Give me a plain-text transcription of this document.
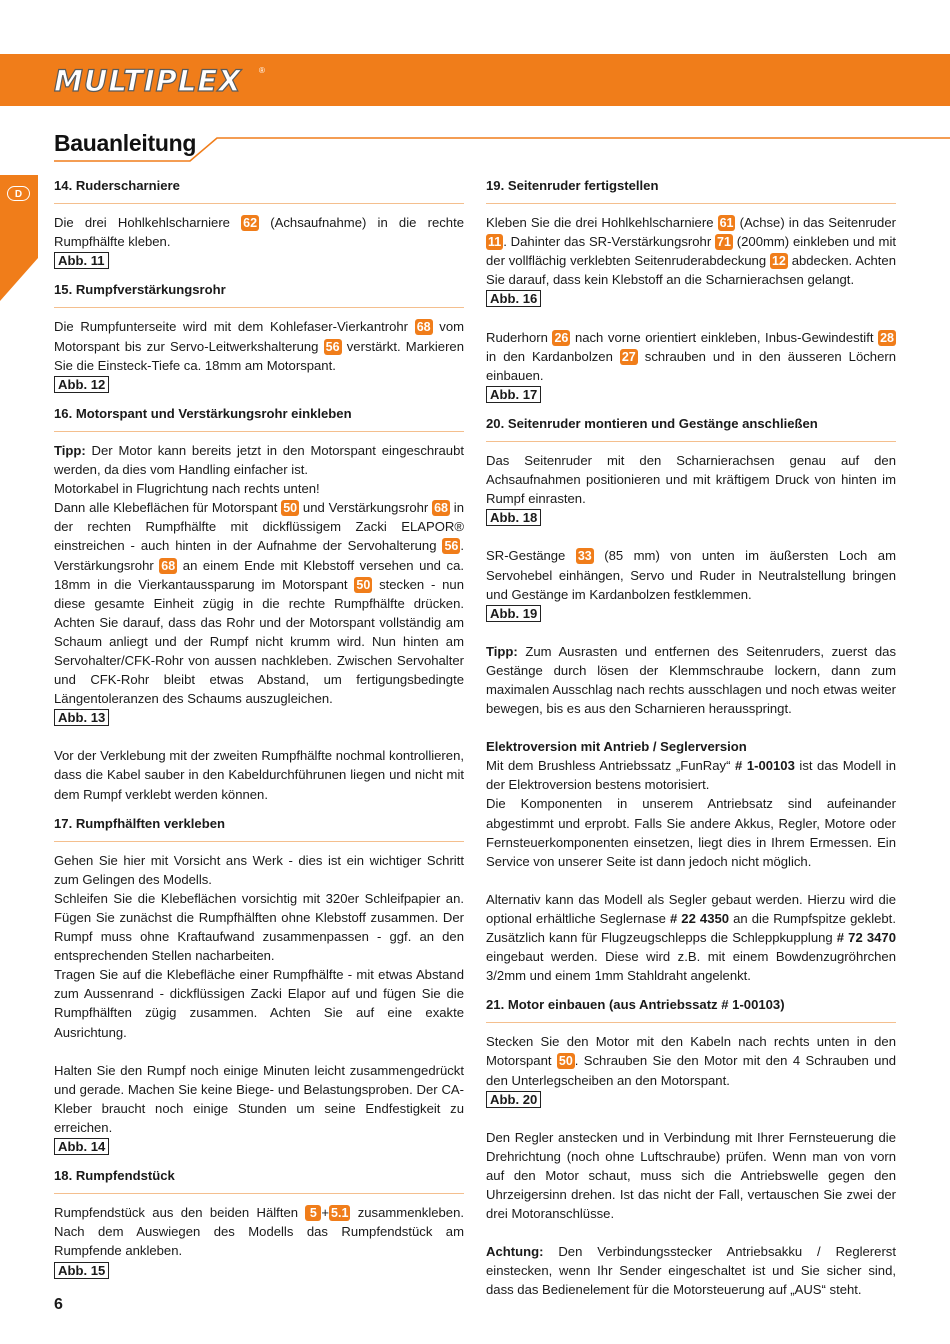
MULTIPLEX ®
D
Bauanleitung
14. Ruderscharniere

Die drei Hohlkehlscharniere 62 (Achsaufnahme) in die rechte Rumpfhälfte kleben.

Abb. 11
15. Rumpfverstärkungsrohr

Die Rumpfunterseite wird mit dem Kohlefaser-Vierkantrohr 68 vom Motorspant bis zur Servo-Leitwerkshalterung 56 verstärkt. Markieren Sie die Einsteck-Tiefe ca. 18mm am Motorspant.

Abb. 12
16. Motorspant und Verstärkungsrohr einkleben

Tipp: Der Motor kann bereits jetzt in den Motorspant eingeschraubt werden, da dies vom Handling einfacher ist.

Motorkabel in Flugrichtung nach rechts unten!

Dann alle Klebeflächen für Motorspant 50 und Verstärkungsrohr 68 in der rechten Rumpfhälfte mit dickflüssigem Zacki ELAPOR® einstreichen - auch hinten in der Aufnahme der Servohalterung 56 . Verstärkungsrohr 68 an einem Ende mit Klebstoff versehen und ca. 18mm in die Vierkantaussparung im Motorspant 50 stecken - nun diese gesamte Einheit zügig in die rechte Rumpfhälfte drücken. Achten Sie darauf, dass das Rohr und der Motorspant vollständig am Schaum anliegt und der Rumpf nicht krumm wird. Nun hinten am Servohalter/CFK-Rohr von aussen nachkleben. Zwischen Servohalter und CFK-Rohr bleibt etwas Abstand, um fertigungsbedingte Längentoleranzen des Schaums auszugleichen.

Abb. 13

Vor der Verklebung mit der zweiten Rumpfhälfte nochmal kontrollieren, dass die Kabel sauber in den Kabeldurchführunen liegen und nicht mit dem Rumpf verklebt werden können.

17. Rumpfhälften verkleben

Gehen Sie hier mit Vorsicht ans Werk - dies ist ein wichtiger Schritt zum Gelingen des Modells.

Schleifen Sie die Klebeflächen vorsichtig mit 320er Schleifpapier an. Fügen Sie zunächst die Rumpfhälften ohne Klebstoff zusammen. Der Rumpf muss ohne Kraftaufwand zusammenpassen - ggf. an den entsprechenden Stellen nacharbeiten.

Tragen Sie auf die Klebefläche einer Rumpfhälfte - mit etwas Abstand zum Aussenrand - dickflüssigen Zacki Elapor auf und fügen Sie die Rumpfhälften zügig zusammen. Achten Sie auf eine exakte Ausrichtung.

Halten Sie den Rumpf noch einige Minuten leicht zusammengedrückt und gerade. Machen Sie keine Biege- und Belastungsproben. Der CA-Kleber braucht noch einige Stunden um seine Endfestigkeit zu erreichen.

Abb. 14
18. Rumpfendstück

Rumpfendstück aus den beiden Hälften 5 + 5.1 zusammenkleben. Nach dem Auswiegen des Modells das Rumpfendstück am Rumpfende ankleben.

Abb. 15
19. Seitenruder fertigstellen

Kleben Sie die drei Hohlkehlscharniere 61 (Achse) in das Seitenruder 11 . Dahinter das SR-Verstärkungsrohr 71 (200mm) einkleben und mit der vollflächig verklebten Seitenruderabdeckung 12 abdecken. Achten Sie darauf, dass kein Klebstoff an die Scharnierachsen gelangt.

Abb. 16

Ruderhorn 26 nach vorne orientiert einkleben, Inbus-Gewindestift 28 in den Kardanbolzen 27 schrauben und in den äusseren Löchern einbauen.

Abb. 17
20. Seitenruder montieren und Gestänge anschließen

Das Seitenruder mit den Scharnierachsen genau auf den Achsaufnahmen positionieren und mit kräftigem Druck von hinten im Rumpf einrasten.

Abb. 18

SR-Gestänge 33 (85 mm) von unten im äußersten Loch am Servohebel einhängen, Servo und Ruder in Neutralstellung bringen und Gestänge im Kardanbolzen festklemmen.

Abb. 19

Tipp: Zum Ausrasten und entfernen des Seitenruders, zuerst das Gestänge durch lösen der Klemmschraube lockern, dann zum maximalen Ausschlag nach rechts ausschlagen und noch etwas weiter bewegen, bis es aus den Scharnieren herausspringt.

Elektroversion mit Antrieb / Seglerversion

Mit dem Brushless Antriebssatz „FunRay“ # 1-00103 ist das Modell in der Elektroversion bestens motorisiert.

Die Komponenten in unserem Antriebsatz sind aufeinander abgestimmt und erprobt. Falls Sie andere Akkus, Regler, Motore oder Fernsteuerkomponenten einsetzen, liegt dies in Ihrem Ermessen. Ein Service von unserer Seite ist dann jedoch nicht möglich.

Alternativ kann das Modell als Segler gebaut werden. Hierzu wird die optional erhältliche Seglernase # 22 4350 an die Rumpfspitze geklebt. Zusätzlich kann für Flugzeugschlepps die Schleppkupplung # 72 3470 eingebaut werden. Diese wird z.B. mit einem Bowdenzugröhrchen 3/2mm und einem 1mm Stahldraht angelenkt.

21. Motor einbauen (aus Antriebssatz # 1-00103)

Stecken Sie den Motor mit den Kabeln nach rechts unten in den Motorspant 50 . Schrauben Sie den Motor mit den 4 Schrauben und den Unterlegscheiben an den Motorspant.

Abb. 20

Den Regler anstecken und in Verbindung mit Ihrer Fernsteuerung die Drehrichtung (noch ohne Luftschraube) prüfen. Wenn man von vorn auf den Motor schaut, muss sich die Antriebswelle gegen den Uhrzeigersinn drehen. Ist das nicht der Fall, vertauschen Sie zwei der drei Motoranschlüsse.

Achtung: Den Verbindungsstecker Antriebsakku / Reglererst einstecken, wenn Ihr Sender eingeschaltet ist und Sie sicher sind, dass das Bedienelement für die Motorsteuerung auf „AUS“ steht.

6
